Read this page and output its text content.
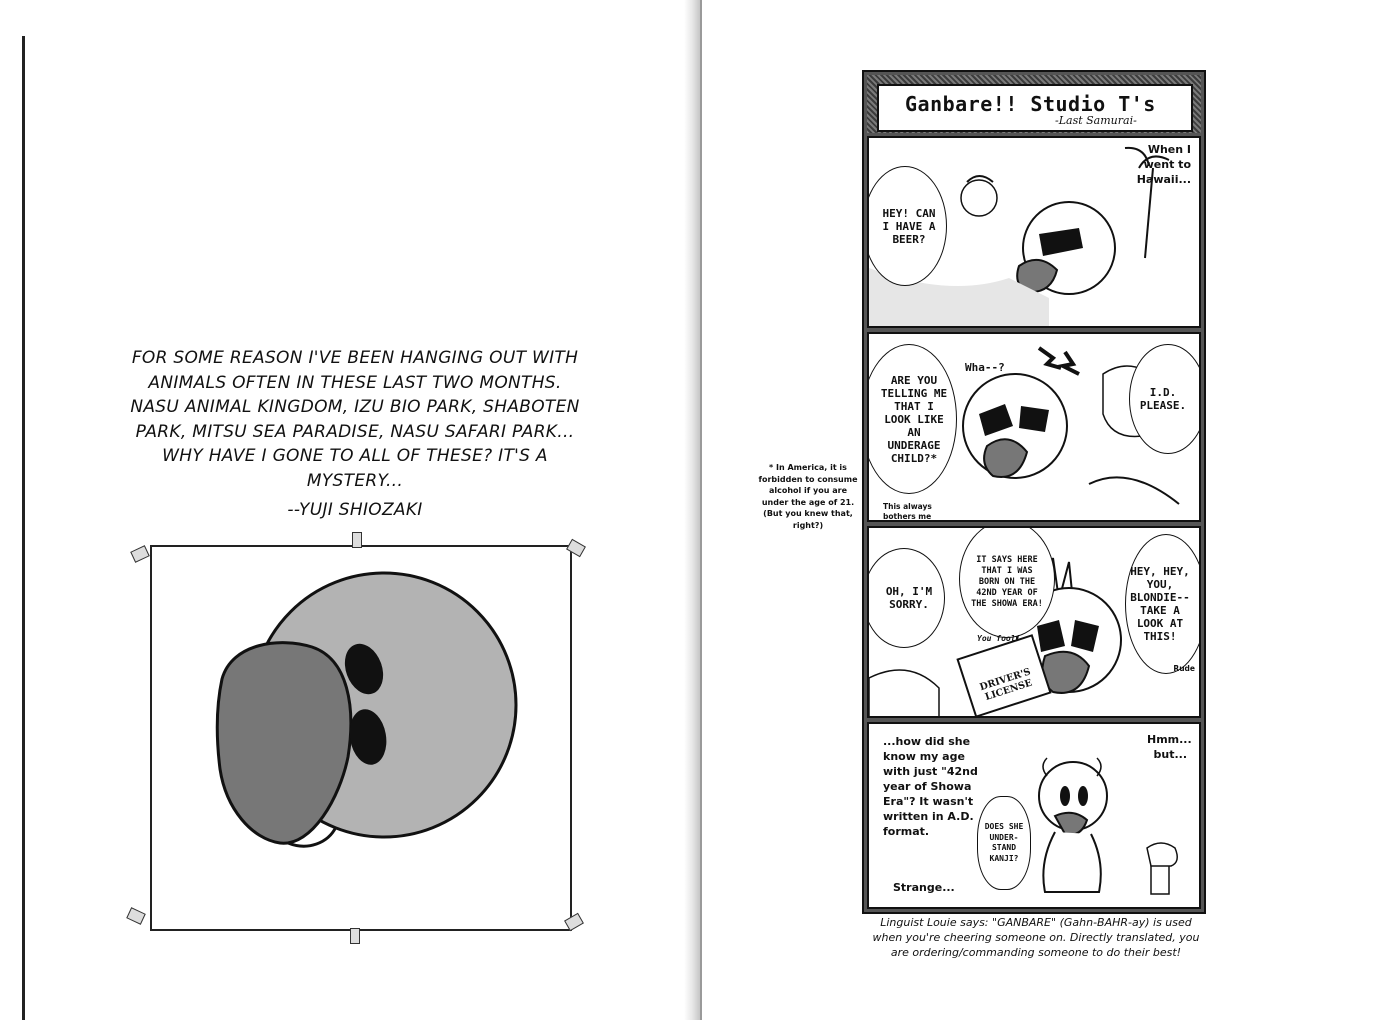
FOR SOME REASON I'VE BEEN HANGING OUT WITH ANIMALS OFTEN IN THESE LAST TWO MONTHS. NASU ANIMAL KINGDOM, IZU BIO PARK, SHABOTEN PARK, MITSU SEA PARADISE, NASU SAFARI PARK... WHY HAVE I GONE TO ALL OF THESE? IT'S A MYSTERY...
--YUJI SHIOZAKI
Ganbare!! Studio T's
-Last Samurai-
HEY! CAN I HAVE A BEER?
When I went to Hawaii...
ARE YOU TELLING ME THAT I LOOK LIKE AN UNDERAGE CHILD?*
Wha--?
I.D. PLEASE.
This always bothers me
OH, I'M SORRY.
IT SAYS HERE THAT I WAS BORN ON THE 42ND YEAR OF THE SHOWA ERA!
You fool!
HEY, HEY, YOU, BLONDIE-- TAKE A LOOK AT THIS!
DRIVER'S LICENSE
Rude
...how did she know my age with just "42nd year of Showa Era"? It wasn't written in A.D. format.
Strange...
Hmm... but...
DOES SHE UNDER-STAND KANJI?
* In America, it is forbidden to consume alcohol if you are under the age of 21. (But you knew that, right?)
Linguist Louie says: "GANBARE" (Gahn-BAHR-ay) is used when you're cheering someone on. Directly translated, you are ordering/commanding someone to do their best!
